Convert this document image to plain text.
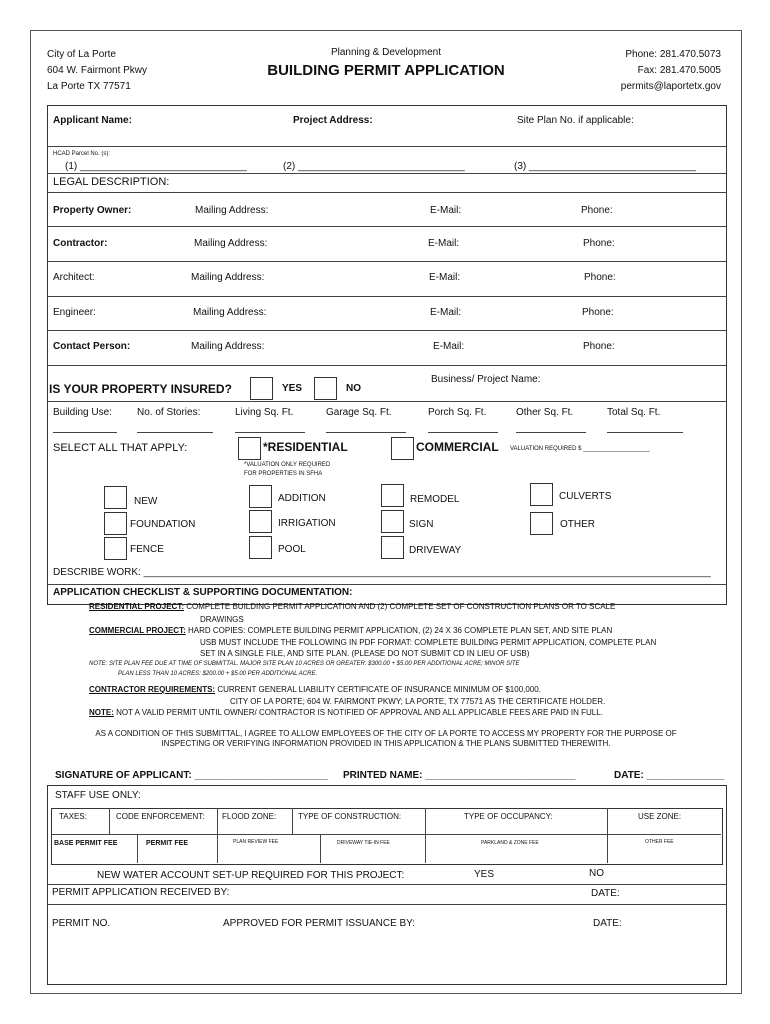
City of La Porte
604 W. Fairmont Pkwy
La Porte TX 77571
Planning & Development
BUILDING PERMIT APPLICATION
Phone: 281.470.5073
Fax: 281.470.5005
permits@laportetx.gov
Applicant Name:	Project Address:	Site Plan No. if applicable:
HCAD Parcel No. (s):
(1) ______________________________	(2) ______________________________	(3) ______________________________
LEGAL DESCRIPTION:
Property Owner:	Mailing Address:	E-Mail:	Phone:
Contractor:	Mailing Address:	E-Mail:	Phone:
Architect:	Mailing Address:	E-Mail:	Phone:
Engineer:	Mailing Address:	E-Mail:	Phone:
Contact Person:	Mailing Address:	E-Mail:	Phone:
IS YOUR PROPERTY INSURED?	YES	NO
Business/ Project Name:
Building Use:	No. of Stories:	Living Sq. Ft.	Garage Sq. Ft.	Porch Sq. Ft.	Other Sq. Ft.	Total Sq. Ft.
SELECT ALL THAT APPLY:	*RESIDENTIAL
*VALUATION ONLY REQUIRED
FOR PROPERTIES IN SFHA
COMMERCIAL VALUATION REQUIRED $ ____________________
NEW
FOUNDATION
FENCE
ADDITION
IRRIGATION
POOL
REMODEL
SIGN
DRIVEWAY
CULVERTS
OTHER
DESCRIBE WORK: ______________________________________________________________________________________________________
APPLICATION CHECKLIST & SUPPORTING DOCUMENTATION:
RESIDENTIAL PROJECT: COMPLETE BUILDING PERMIT APPLICATION AND (2) COMPLETE SET OF CONSTRUCTION PLANS OR TO SCALE
DRAWINGS
COMMERCIAL PROJECT: HARD COPIES: COMPLETE BUILDING PERMIT APPLICATION, (2) 24 X 36 COMPLETE PLAN SET, AND SITE PLAN
USB MUST INCLUDE THE FOLLOWING IN PDF FORMAT: COMPLETE BUILDING PERMIT APPLICATION, COMPLETE PLAN
SET IN A SINGLE FILE, AND SITE PLAN. (PLEASE DO NOT SUBMIT CD IN LIEU OF USB)
NOTE: SITE PLAN FEE DUE AT TIME OF SUBMITTAL. MAJOR SITE PLAN 10 ACRES OR GREATER: $300.00 + $5.00 PER ADDITIONAL ACRE; MINOR SITE
PLAN LESS THAN 10 ACRES: $200.00 + $5.00 PER ADDITIONAL ACRE.
CONTRACTOR REQUIREMENTS: CURRENT GENERAL LIABILITY CERTIFICATE OF INSURANCE MINIMUM OF $100,000.
CITY OF LA PORTE; 604 W. FAIRMONT PKWY; LA PORTE, TX 77571 AS THE CERTIFICATE HOLDER.
NOTE: NOT A VALID PERMIT UNTIL OWNER/ CONTRACTOR IS NOTIFIED OF APPROVAL AND ALL APPLICABLE FEES ARE PAID IN FULL.
AS A CONDITION OF THIS SUBMITTAL, I AGREE TO ALLOW EMPLOYEES OF THE CITY OF LA PORTE TO ACCESS MY PROPERTY FOR THE PURPOSE OF
INSPECTING OR VERIFYING INFORMATION PROVIDED IN THIS APPLICATION & THE PLANS SUBMITTED THEREWITH.
SIGNATURE OF APPLICANT: ________________________ PRINTED NAME: ___________________________	DATE: ______________
STAFF USE ONLY:
TAXES:	CODE ENFORCEMENT: FLOOD ZONE:	TYPE OF CONSTRUCTION:	TYPE OF OCCUPANCY:	USE ZONE:
BASE PERMIT FEE	PERMIT FEE	PLAN REVIEW FEE	DRIVEWAY TIE-IN FEE	PARKLAND & ZONE FEE	OTHER FEE
NEW WATER ACCOUNT SET-UP REQUIRED FOR THIS PROJECT:	YES	NO
PERMIT APPLICATION RECEIVED BY:	DATE:
PERMIT NO.	APPROVED FOR PERMIT ISSUANCE BY:	DATE:
